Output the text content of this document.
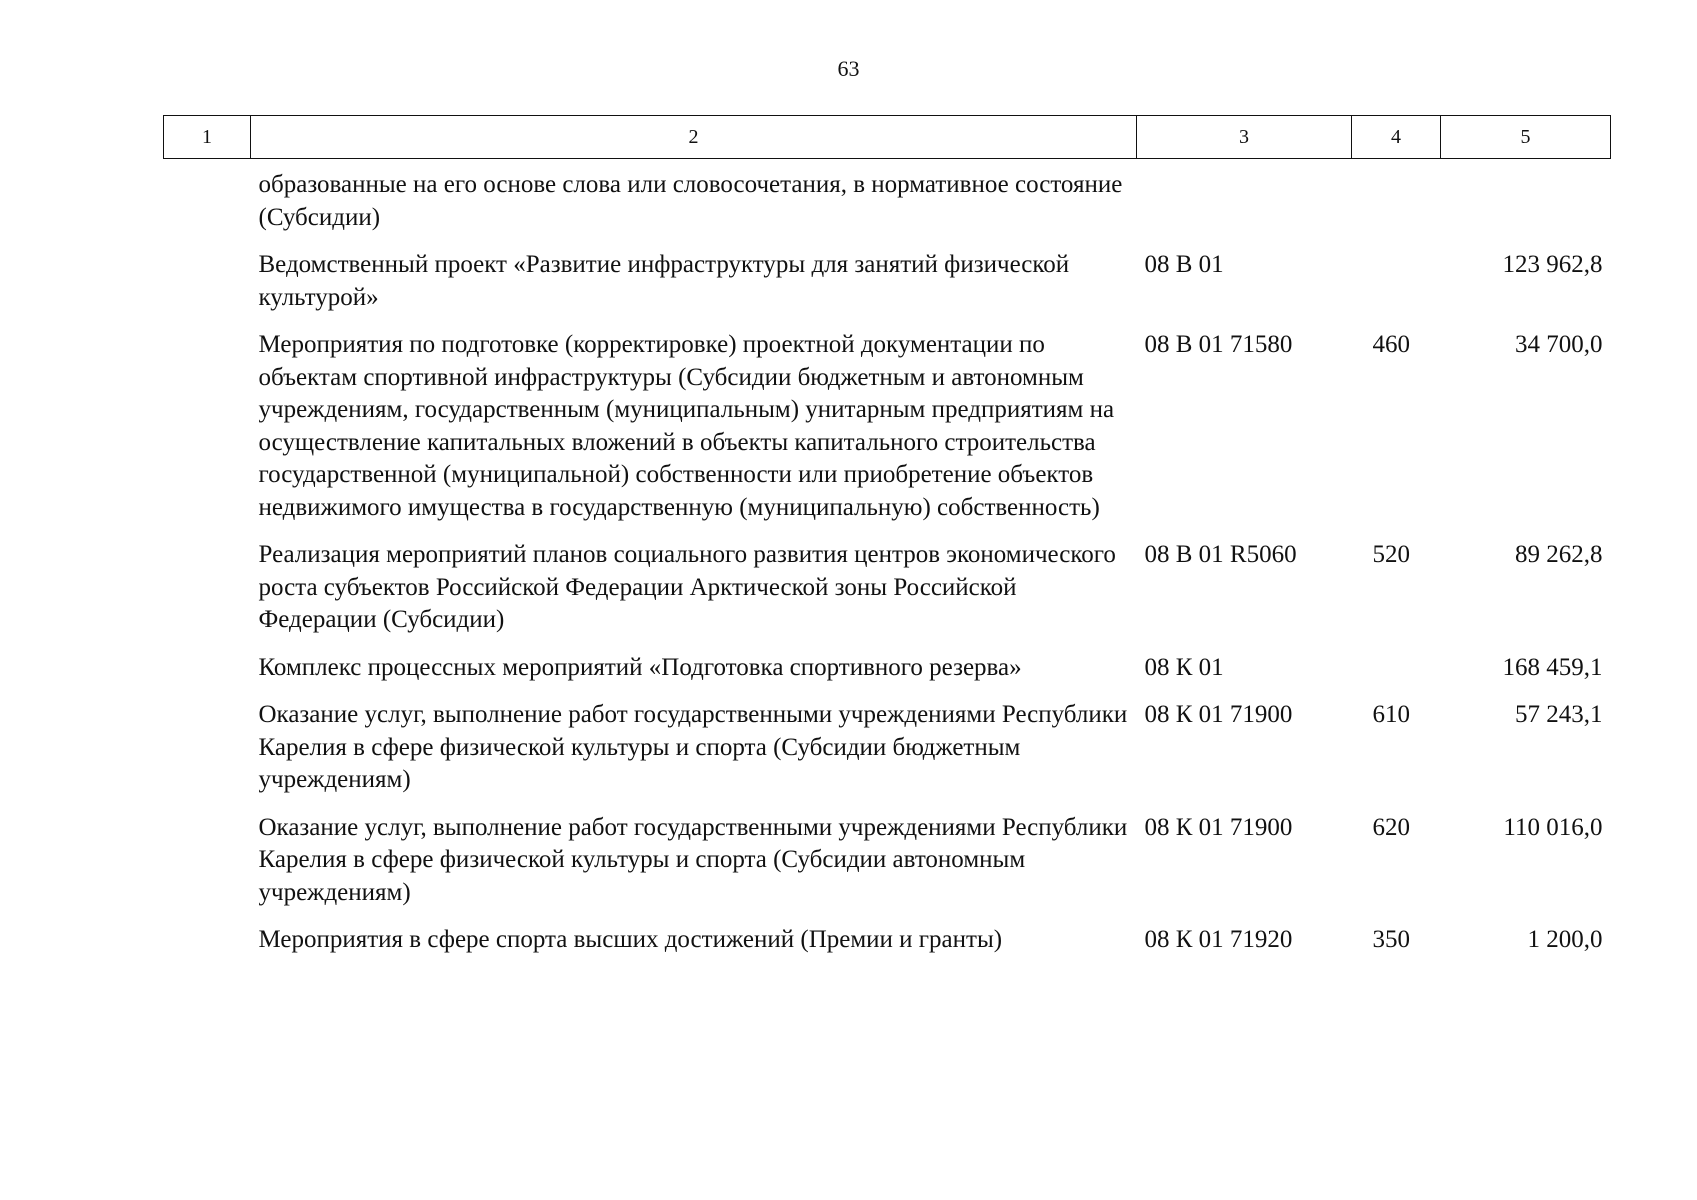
63
1	2	3	4	5
	образованные на его основе слова или словосочетания, в нормативное состояние (Субсидии)			
	Ведомственный проект «Развитие инфраструктуры для занятий физической культурой»	08 В 01		123 962,8
	Мероприятия по подготовке (корректировке) проектной документации по объектам спортивной инфраструктуры (Субсидии бюджетным и автономным учреждениям, государственным (муниципальным) унитарным предприятиям на осуществление капитальных вложений в объекты капитального строительства государственной (муниципальной) собственности или приобретение объектов недвижимого имущества в государственную (муниципальную) собственность)	08 В 01 71580	460	34 700,0
	Реализация мероприятий планов социального развития центров экономического роста субъектов Российской Федерации Арктической зоны Российской Федерации (Субсидии)	08 В 01 R5060	520	89 262,8
	Комплекс процессных мероприятий «Подготовка спортивного резерва»	08 К 01		168 459,1
	Оказание услуг, выполнение работ государственными учреждениями Республики Карелия в сфере физической культуры и спорта (Субсидии бюджетным учреждениям)	08 К 01 71900	610	57 243,1
	Оказание услуг, выполнение работ государственными учреждениями Республики Карелия в сфере физической культуры и спорта (Субсидии автономным учреждениям)	08 К 01 71900	620	110 016,0
	Мероприятия в сфере спорта высших достижений (Премии и гранты)	08 К 01 71920	350	1 200,0
